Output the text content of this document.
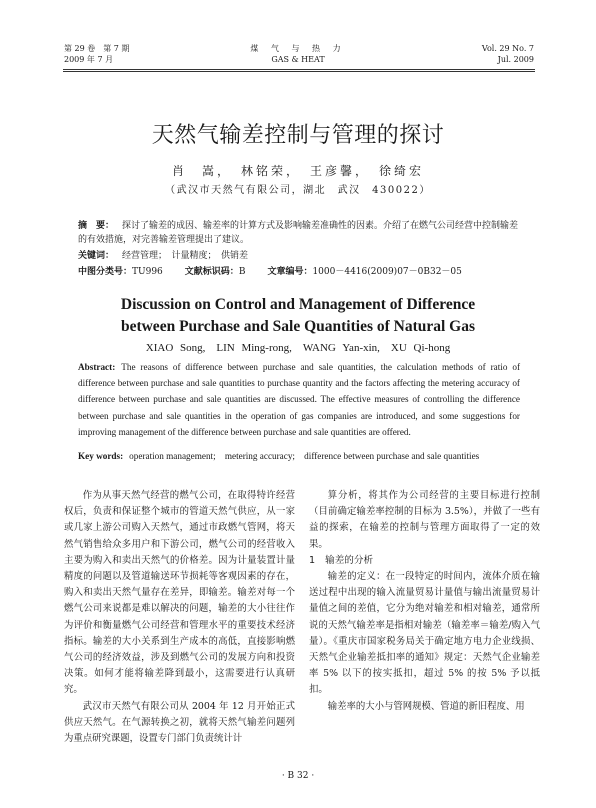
第 29 卷　第 7 期
2009 年 7 月
煤 气 与 热 力
GAS & HEAT
Vol. 29 No. 7
Jul. 2009
天然气输差控制与管理的探讨
肖　嵩，　林铭荣，　王彦馨，　徐绮宏
（武汉市天然气有限公司，湖北　武汉　430022）
摘　要： 探讨了输差的成因、输差率的计算方式及影响输差准确性的因素。介绍了在燃气公司经营中控制输差的有效措施，对完善输差管理提出了建议。
关键词： 经营管理；　计量精度；　供销差
中图分类号：TU996 文献标识码：B 文章编号：1000－4416(2009)07－0B32－05
Discussion on Control and Management of Difference
between Purchase and Sale Quantities of Natural Gas
XIAO Song,　LIN Ming-rong,　WANG Yan-xin,　XU Qi-hong
Abstract: The reasons of difference between purchase and sale quantities, the calculation methods of ratio of difference between purchase and sale quantities to purchase quantity and the factors affecting the metering accuracy of difference between purchase and sale quantities are discussed. The effective measures of controlling the difference between purchase and sale quantities in the operation of gas companies are introduced, and some suggestions for improving management of the difference between purchase and sale quantities are offered.
Key words: operation management;　metering accuracy;　difference between purchase and sale quantities

作为从事天然气经营的燃气公司，在取得特许经营权后，负责和保证整个城市的管道天然气供应，从一家或几家上游公司购入天然气，通过市政燃气管网，将天然气销售给众多用户和下游公司，燃气公司的经营收入主要为购入和卖出天然气的价格差。因为计量装置计量精度的问题以及管道输送环节损耗等客观因素的存在，购入和卖出天然气量存在差异，即输差。输差对每一个燃气公司来说都是难以解决的问题，输差的大小往往作为评价和衡量燃气公司经营和管理水平的重要技术经济指标。输差的大小关系到生产成本的高低，直接影响燃气公司的经济效益，涉及到燃气公司的发展方向和投资决策。如何才能将输差降到最小，这需要进行认真研究。

武汉市天然气有限公司从 2004 年 12 月开始正式供应天然气。在气源转换之初，就将天然气输差问题列为重点研究课题，设置专门部门负责统计计

算分析，将其作为公司经营的主要目标进行控制（目前确定输差率控制的目标为 3.5%），并做了一些有益的探索，在输差的控制与管理方面取得了一定的效果。

1 输差的分析

输差的定义：在一段特定的时间内，流体介质在输送过程中出现的输入流量贸易计量值与输出流量贸易计量值之间的差值，它分为绝对输差和相对输差，通常所说的天然气输差率是指相对输差（输差率＝输差/购入气量）。《重庆市国家税务局关于确定地方电力企业线损、天然气企业输差抵扣率的通知》规定：天然气企业输差率 5% 以下的按实抵扣，超过 5% 的按 5% 予以抵扣。

输差率的大小与管网规模、管道的新旧程度、用

· B 32 ·
